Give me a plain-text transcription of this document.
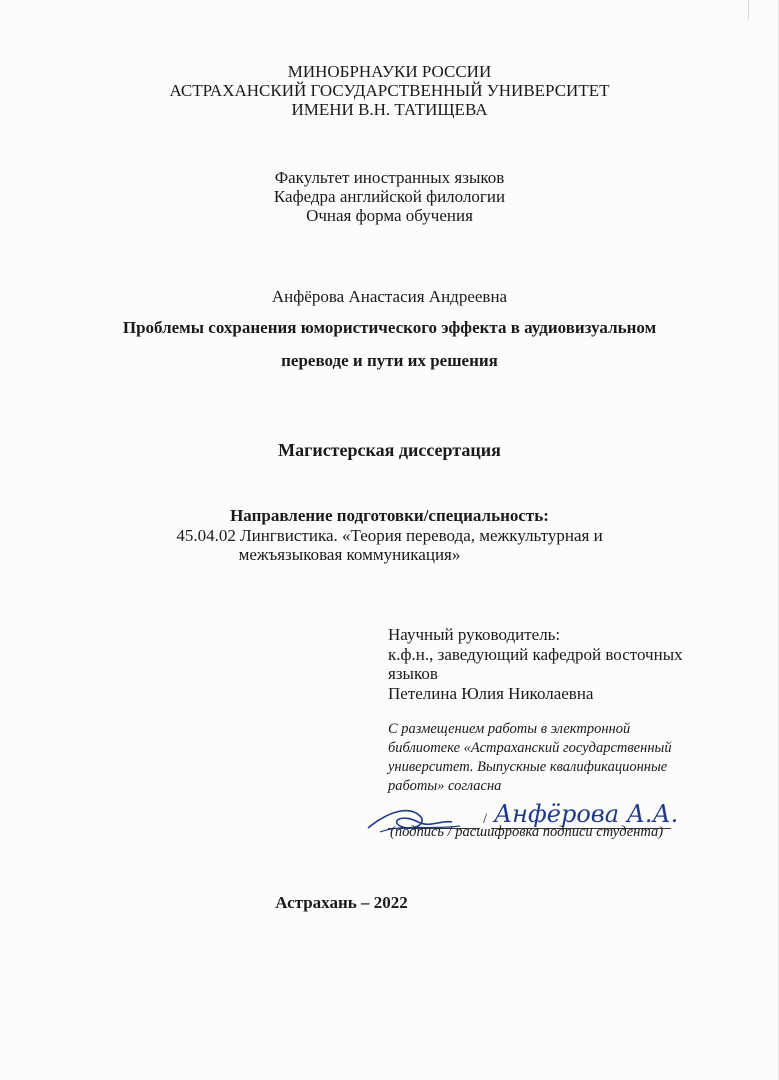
МИНОБРНАУКИ РОССИИ
АСТРАХАНСКИЙ ГОСУДАРСТВЕННЫЙ УНИВЕРСИТЕТ
ИМЕНИ В.Н. ТАТИЩЕВА
Факультет иностранных языков
Кафедра английской филологии
Очная форма обучения
Анфёрова Анастасия Андреевна
Проблемы сохранения юмористического эффекта в аудиовизуальном
переводе и пути их решения
Магистерская диссертация
Направление подготовки/специальность:
45.04.02 Лингвистика. «Теория перевода, межкультурная и
межъязыковая коммуникация»
Научный руководитель:
к.ф.н., заведующий кафедрой восточных
языков
Петелина Юлия Николаевна
С размещением работы в электронной
библиотеке «Астраханский государственный
университет. Выпускные квалификационные
работы» согласна
/ Анфёрова А.А.
(подпись / расшифровка подписи студента)
Астрахань – 2022
